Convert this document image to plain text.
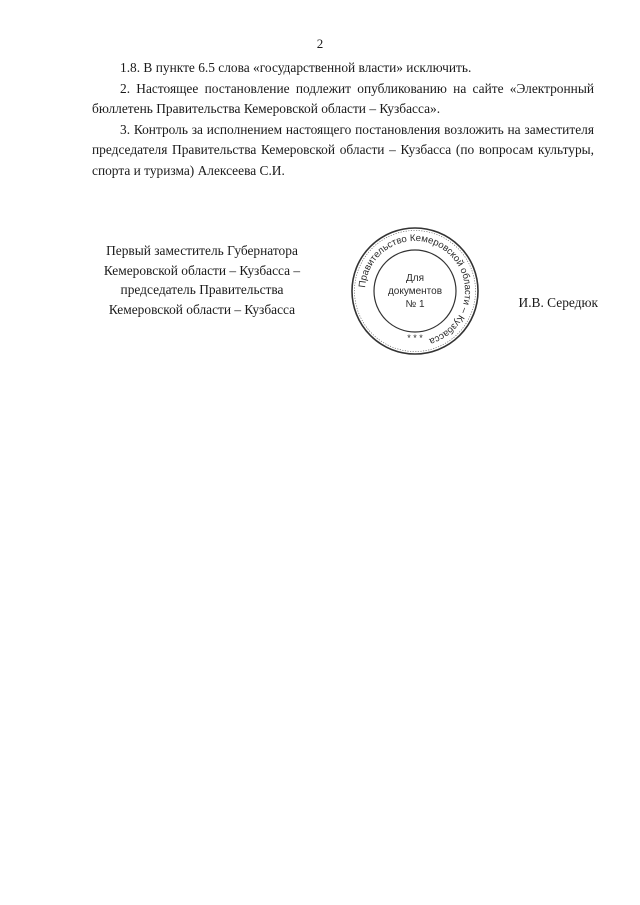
2

1.8. В пункте 6.5 слова «государственной власти» исключить.

2. Настоящее постановление подлежит опубликованию на сайте «Электронный бюллетень Правительства Кемеровской области – Кузбасса».

3. Контроль за исполнением настоящего постановления возложить на заместителя председателя Правительства Кемеровской области – Кузбасса (по вопросам культуры, спорта и туризма) Алексеева С.И.

Первый заместитель Губернатора
Кемеровской области – Кузбасса –
председатель Правительства
Кемеровской области – Кузбасса
Правительство Кемеровской области – Кузбасса
* * *
Для
документов
№ 1	И.В. Середюк
